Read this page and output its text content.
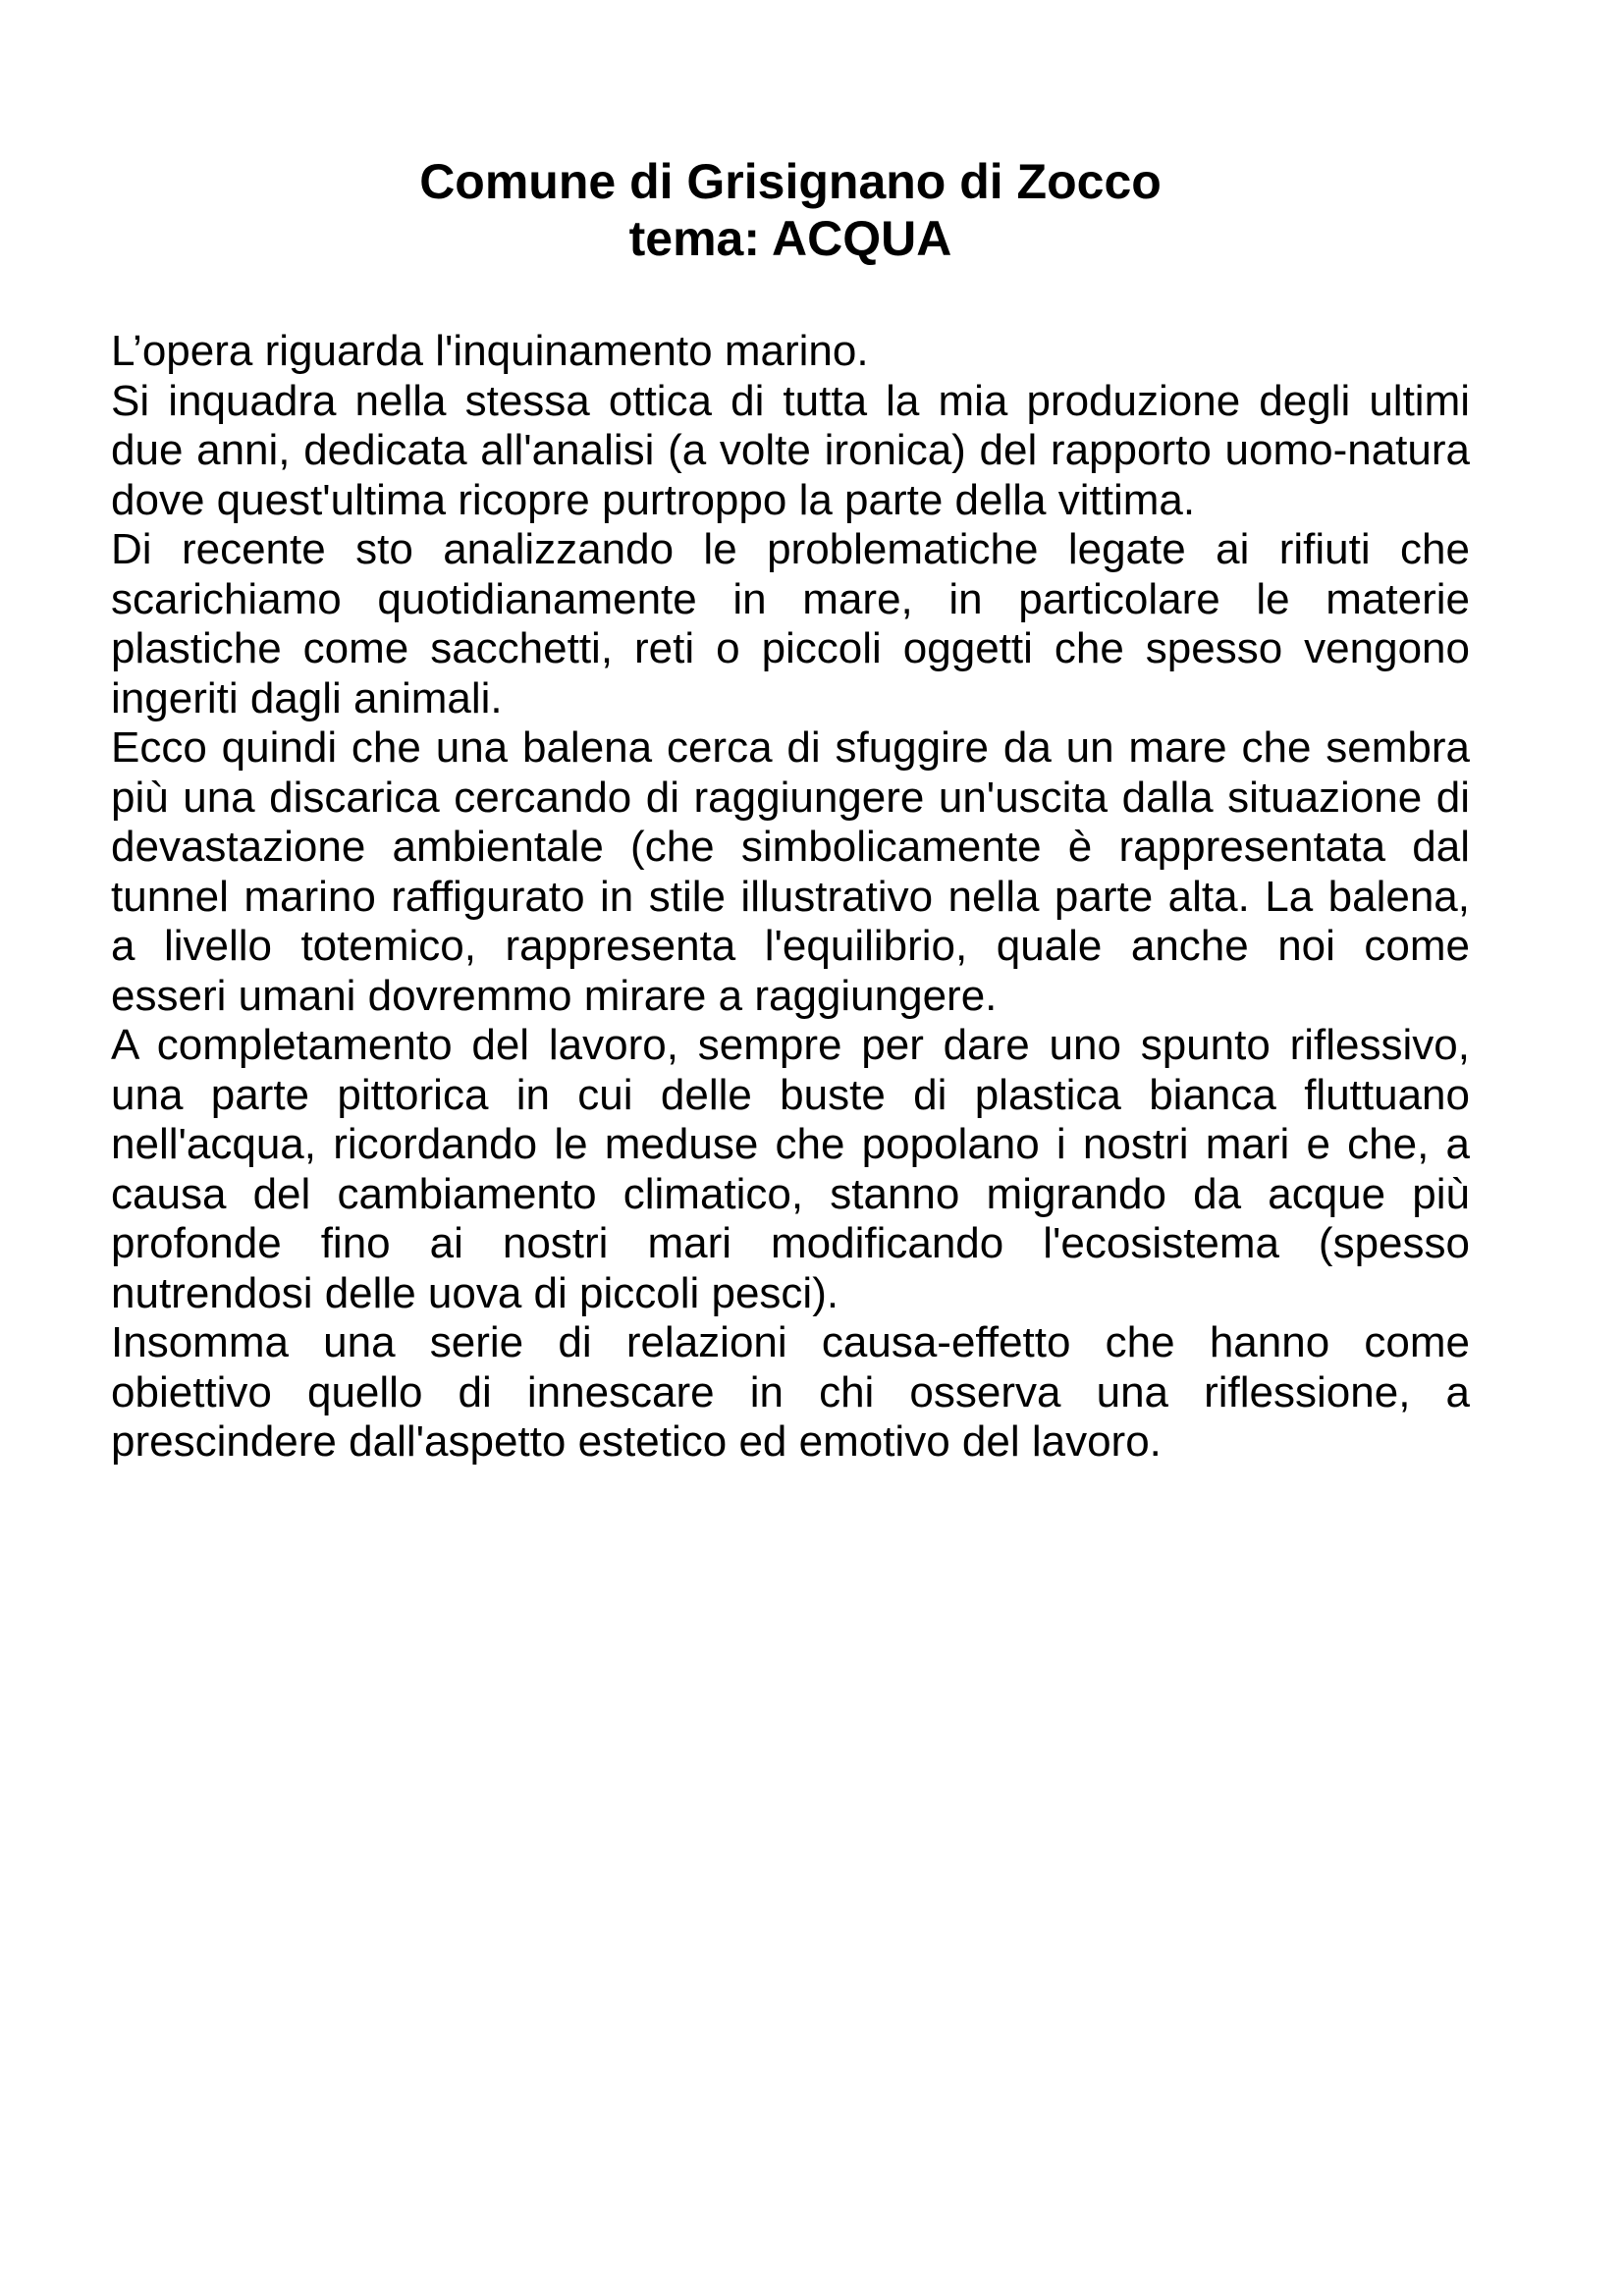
Comune di Grisignano di Zocco
tema: ACQUA
L’opera riguarda l'inquinamento marino.
Si inquadra nella stessa ottica di tutta la mia produzione degli ultimi
due anni, dedicata all'analisi (a volte ironica) del rapporto uomo-natura
dove quest'ultima ricopre purtroppo la parte della vittima.
Di recente sto analizzando le problematiche legate ai rifiuti che
scarichiamo quotidianamente in mare, in particolare le materie
plastiche come sacchetti, reti o piccoli oggetti che spesso vengono
ingeriti dagli animali.
Ecco quindi che una balena cerca di sfuggire da un mare che sembra
più una discarica cercando di raggiungere un'uscita dalla situazione di
devastazione ambientale (che simbolicamente è rappresentata dal
tunnel marino raffigurato in stile illustrativo nella parte alta. La balena,
a livello totemico, rappresenta l'equilibrio, quale anche noi come
esseri umani dovremmo mirare a raggiungere.
A completamento del lavoro, sempre per dare uno spunto riflessivo,
una parte pittorica in cui delle buste di plastica bianca fluttuano
nell'acqua, ricordando le meduse che popolano i nostri mari e che, a
causa del cambiamento climatico, stanno migrando da acque più
profonde fino ai nostri mari modificando l'ecosistema (spesso
nutrendosi delle uova di piccoli pesci).
Insomma una serie di relazioni causa-effetto che hanno come
obiettivo quello di innescare in chi osserva una riflessione, a
prescindere dall'aspetto estetico ed emotivo del lavoro.
